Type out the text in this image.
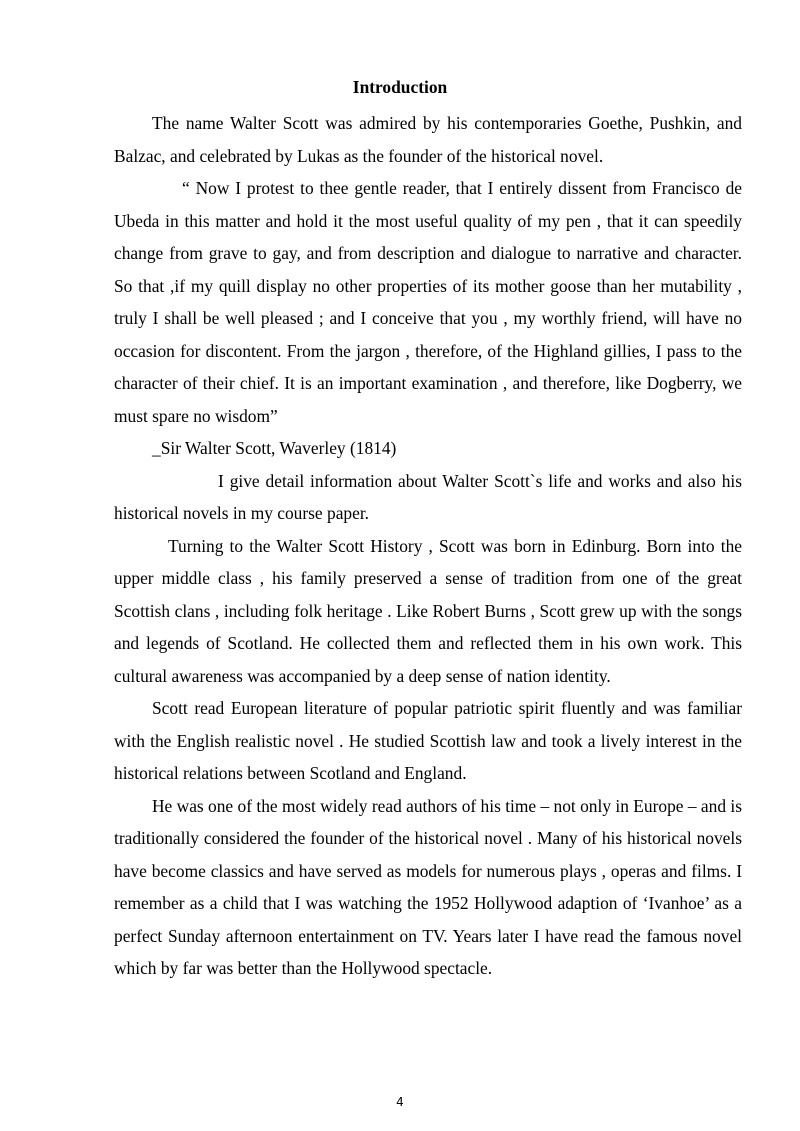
Introduction

The name Walter Scott was admired by his contemporaries Goethe, Pushkin, and Balzac, and celebrated by Lukas as the founder of the historical novel.

“ Now I protest to thee gentle reader, that I entirely dissent from Francisco de Ubeda in this matter and hold it the most useful quality of my pen , that it can speedily change from grave to gay, and from description and dialogue to narrative and character. So that ,if my quill display no other properties of its mother goose than her mutability , truly I shall be well pleased ; and I conceive that you , my worthly friend, will have no occasion for discontent. From the jargon , therefore, of the Highland gillies, I pass to the character of their chief. It is an important examination , and therefore, like Dogberry, we must spare no wisdom”

_Sir Walter Scott, Waverley (1814)

I give detail information about Walter Scott`s life and works and also his historical novels in my course paper.

Turning to the Walter Scott History , Scott was born in Edinburg. Born into the upper middle class , his family preserved a sense of tradition from one of the great Scottish clans , including folk heritage . Like Robert Burns , Scott grew up with the songs and legends of Scotland. He collected them and reflected them in his own work. This cultural awareness was accompanied by a deep sense of nation identity.

Scott read European literature of popular patriotic spirit fluently and was familiar with the English realistic novel . He studied Scottish law and took a lively interest in the historical relations between Scotland and England.

He was one of the most widely read authors of his time – not only in Europe – and is traditionally considered the founder of the historical novel . Many of his historical novels have become classics and have served as models for numerous plays , operas and films. I remember as a child that I was watching the 1952 Hollywood adaption of ‘Ivanhoe’ as a perfect Sunday afternoon entertainment on TV. Years later I have read the famous novel which by far was better than the Hollywood spectacle.

4
